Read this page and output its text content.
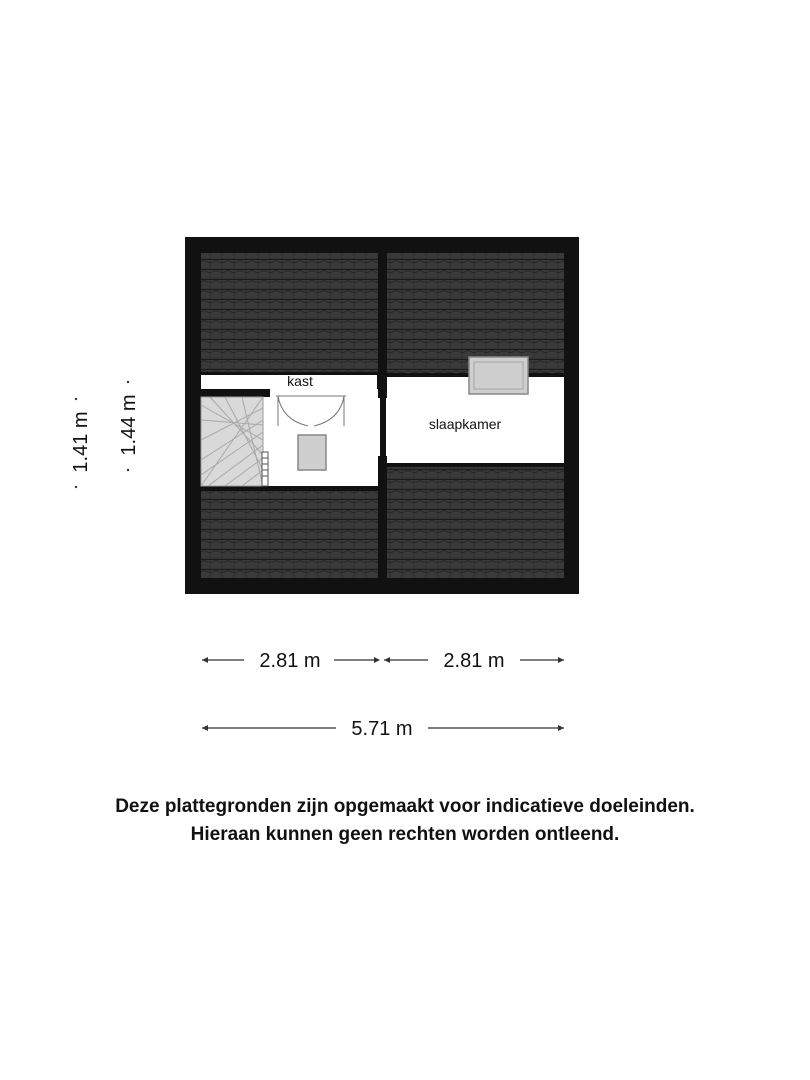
kast
slaapkamer
1.41 m 1.44 m
2.81 m	2.81 m
5.71 m

Deze plattegronden zijn opgemaakt voor indicatieve doeleinden.
Hieraan kunnen geen rechten worden ontleend.
